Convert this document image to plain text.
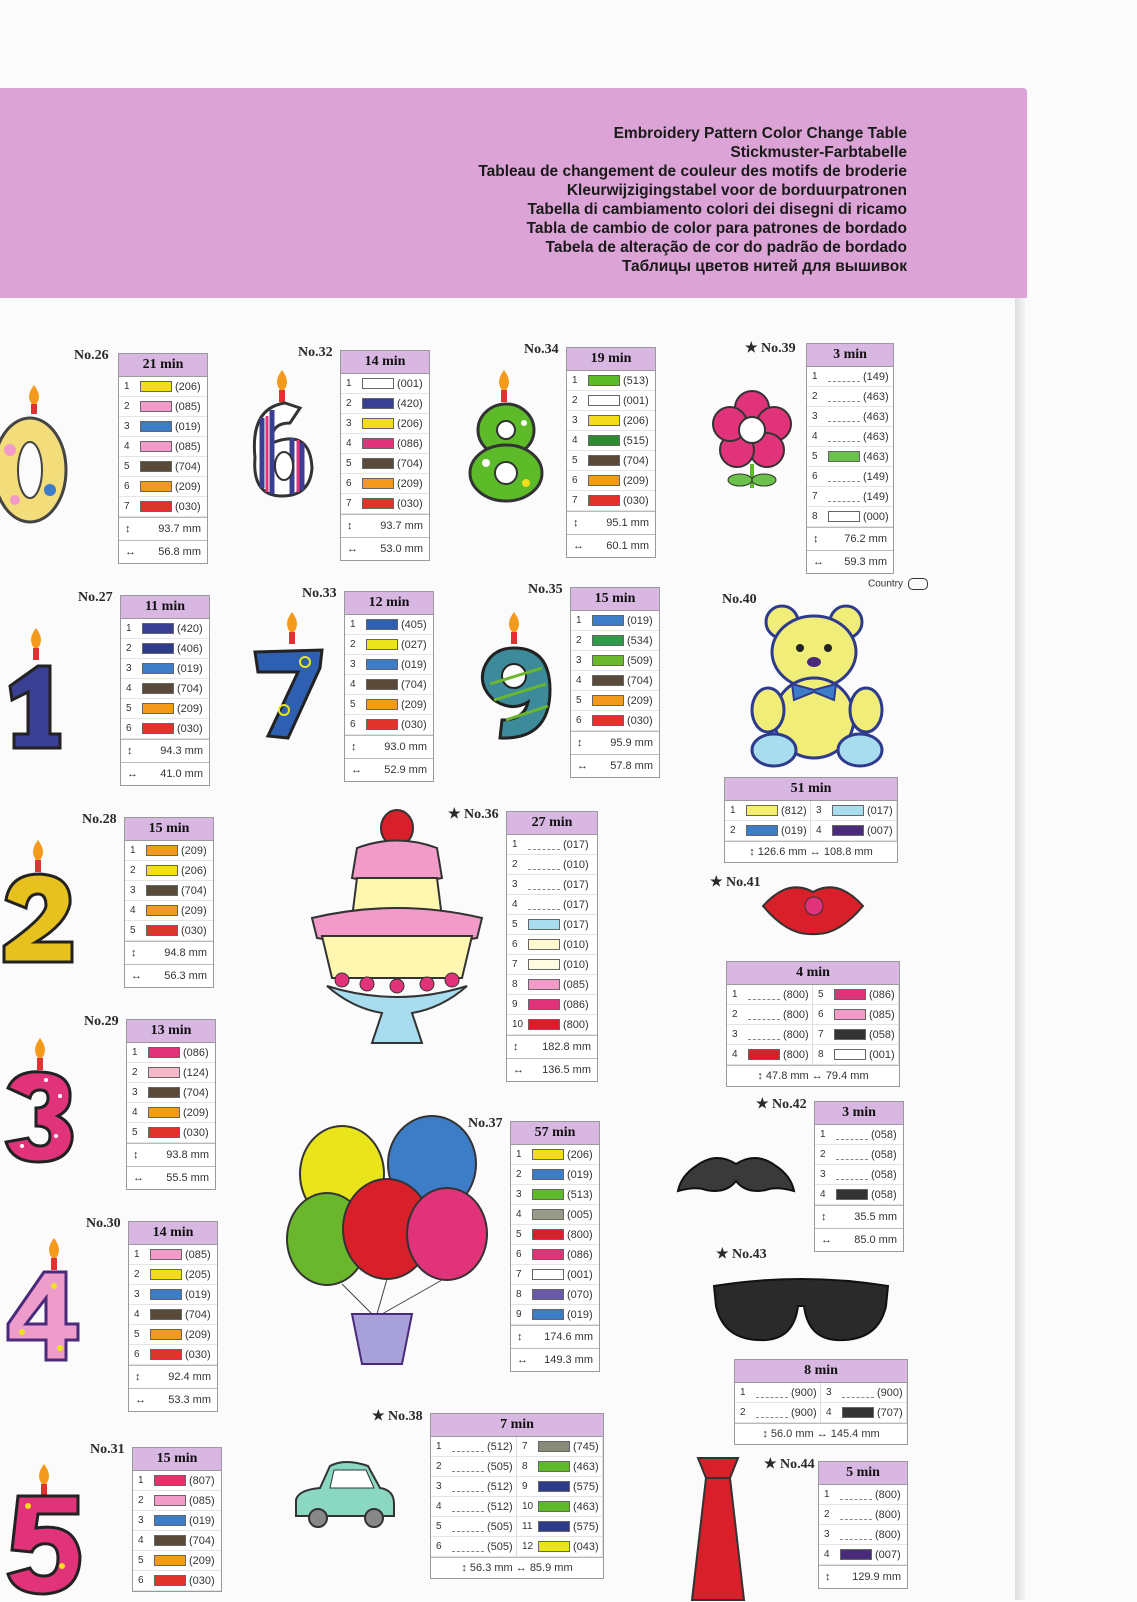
Embroidery Pattern Color Change Table
Stickmuster-Farbtabelle
Tableau de changement de couleur des motifs de broderie
Kleurwijzigingstabel voor de borduurpatronen
Tabella di cambiamento colori dei disegni di ricamo
Tabla de cambio de color para patrones de bordado
Tabela de alteração de cor do padrão de bordado
Таблицы цветов нитей для вышивок
No.26	No.32	No.34	★ No.39
No.27	No.33	No.35
No.40
No.28	★ No.36
★ No.41
No.29
★ No.42
No.37
No.30
★ No.43
★ No.38
No.31
★ No.44
21 min
1	(206)
2	(085)
3	(019)
4	(085)
5	(704)
6	(209)
7	(030)
↕	93.7 mm
↔ 56.8 mm
14 min
1	(001)
2	(420)
3	(206)
4	(086)
5	(704)
6	(209)
7	(030)
↕	93.7 mm
↔ 53.0 mm
19 min
1	(513)
2	(001)
3	(206)
4	(515)
5	(704)
6	(209)
7	(030)
↕	95.1 mm
↔ 60.1 mm
3 min
1	(149)
2	(463)
3	(463)
4	(463)
5	(463)
6	(149)
7	(149)
8	(000)
↕ 76.2 mm
↔ 59.3 mm
11 min
1	(420)
2	(406)
3	(019)
4	(704)
5	(209)
6	(030)
↕	94.3 mm
↔ 41.0 mm
12 min
1	(405)
2	(027)
3	(019)
4	(704)
5	(209)
6	(030)
↕	93.0 mm
↔ 52.9 mm
15 min
1	(019)
2	(534)
3	(509)
4	(704)
5	(209)
6	(030)
↕	95.9 mm
↔ 57.8 mm
51 min
1	(812) 3	(017)
2	(019) 4	(007)
↕ 126.6 mm ↔ 108.8 mm
15 min
1	(209)
2	(206)
3	(704)
4	(209)
5	(030)
↕	94.8 mm
↔ 56.3 mm
27 min
1	(017)
2	(010)
3	(017)
4	(017)
5	(017)
6	(010)
7	(010)
8	(085)
9	(086)
10	(800)
↕ 182.8 mm
↔ 136.5 mm
4 min
1	(800) 5	(086)
2	(800) 6	(085)
3	(800) 7	(058)
4	(800) 8	(001)
↕ 47.8 mm ↔ 79.4 mm
13 min
1	(086)
2	(124)
3	(704)
4	(209)
5	(030)
↕	93.8 mm
↔ 55.5 mm
3 min
1	(058)
2	(058)
3	(058)
4	(058)
↕	35.5 mm
↔ 85.0 mm
57 min
1	(206)
2	(019)
3	(513)
4	(005)
5	(800)
6	(086)
7	(001)
8	(070)
9	(019)
↕ 174.6 mm
↔ 149.3 mm
14 min
1	(085)
2	(205)
3	(019)
4	(704)
5	(209)
6	(030)
↕	92.4 mm
↔ 53.3 mm
8 min
1	(900) 3	(900)
2	(900) 4	(707)
↕ 56.0 mm ↔ 145.4 mm
7 min
1	(512) 7	(745)
2	(505) 8	(463)
3	(512) 9	(575)
4	(512) 10	(463)
5	(505) 11	(575)
6	(505) 12	(043)
↕ 56.3 mm ↔ 85.9 mm
15 min
1	(807)
2	(085)
3	(019)
4	(704)
5	(209)
6	(030)
5 min
1	(800)
2	(800)
3	(800)
4	(007)
↕ 129.9 mm
Country
